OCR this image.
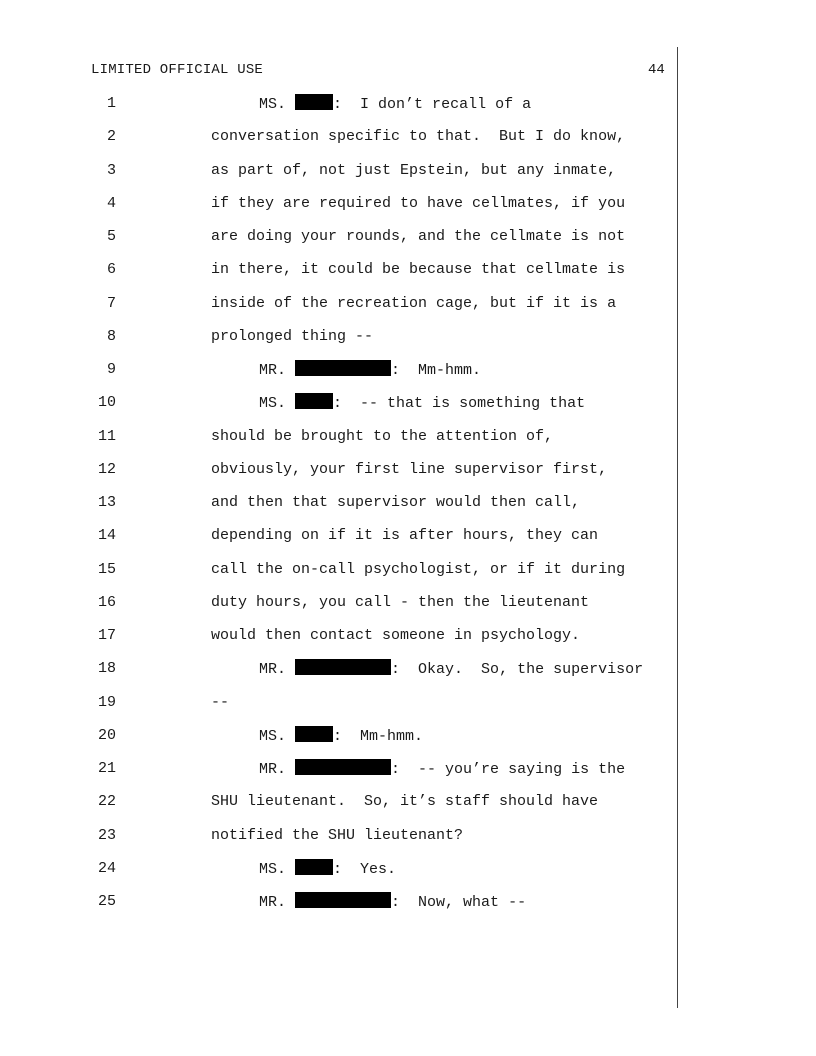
LIMITED OFFICIAL USE	44
1	MS.	:  I don’t recall of a
2	conversation specific to that.  But I do know,
3	as part of, not just Epstein, but any inmate,
4	if they are required to have cellmates, if you
5	are doing your rounds, and the cellmate is not
6	in there, it could be because that cellmate is
7	inside of the recreation cage, but if it is a
8	prolonged thing --
9	MR.	:  Mm-hmm.
10	MS.	:  -- that is something that
11	should be brought to the attention of,
12	obviously, your first line supervisor first,
13	and then that supervisor would then call,
14	depending on if it is after hours, they can
15	call the on-call psychologist, or if it during
16	duty hours, you call - then the lieutenant
17	would then contact someone in psychology.
18	MR.	:  Okay.  So, the supervisor
19	--
20	MS.	:  Mm-hmm.
21	MR.	:  -- you’re saying is the
22	SHU lieutenant.  So, it’s staff should have
23	notified the SHU lieutenant?
24	MS.	:  Yes.
25	MR.	:  Now, what --
